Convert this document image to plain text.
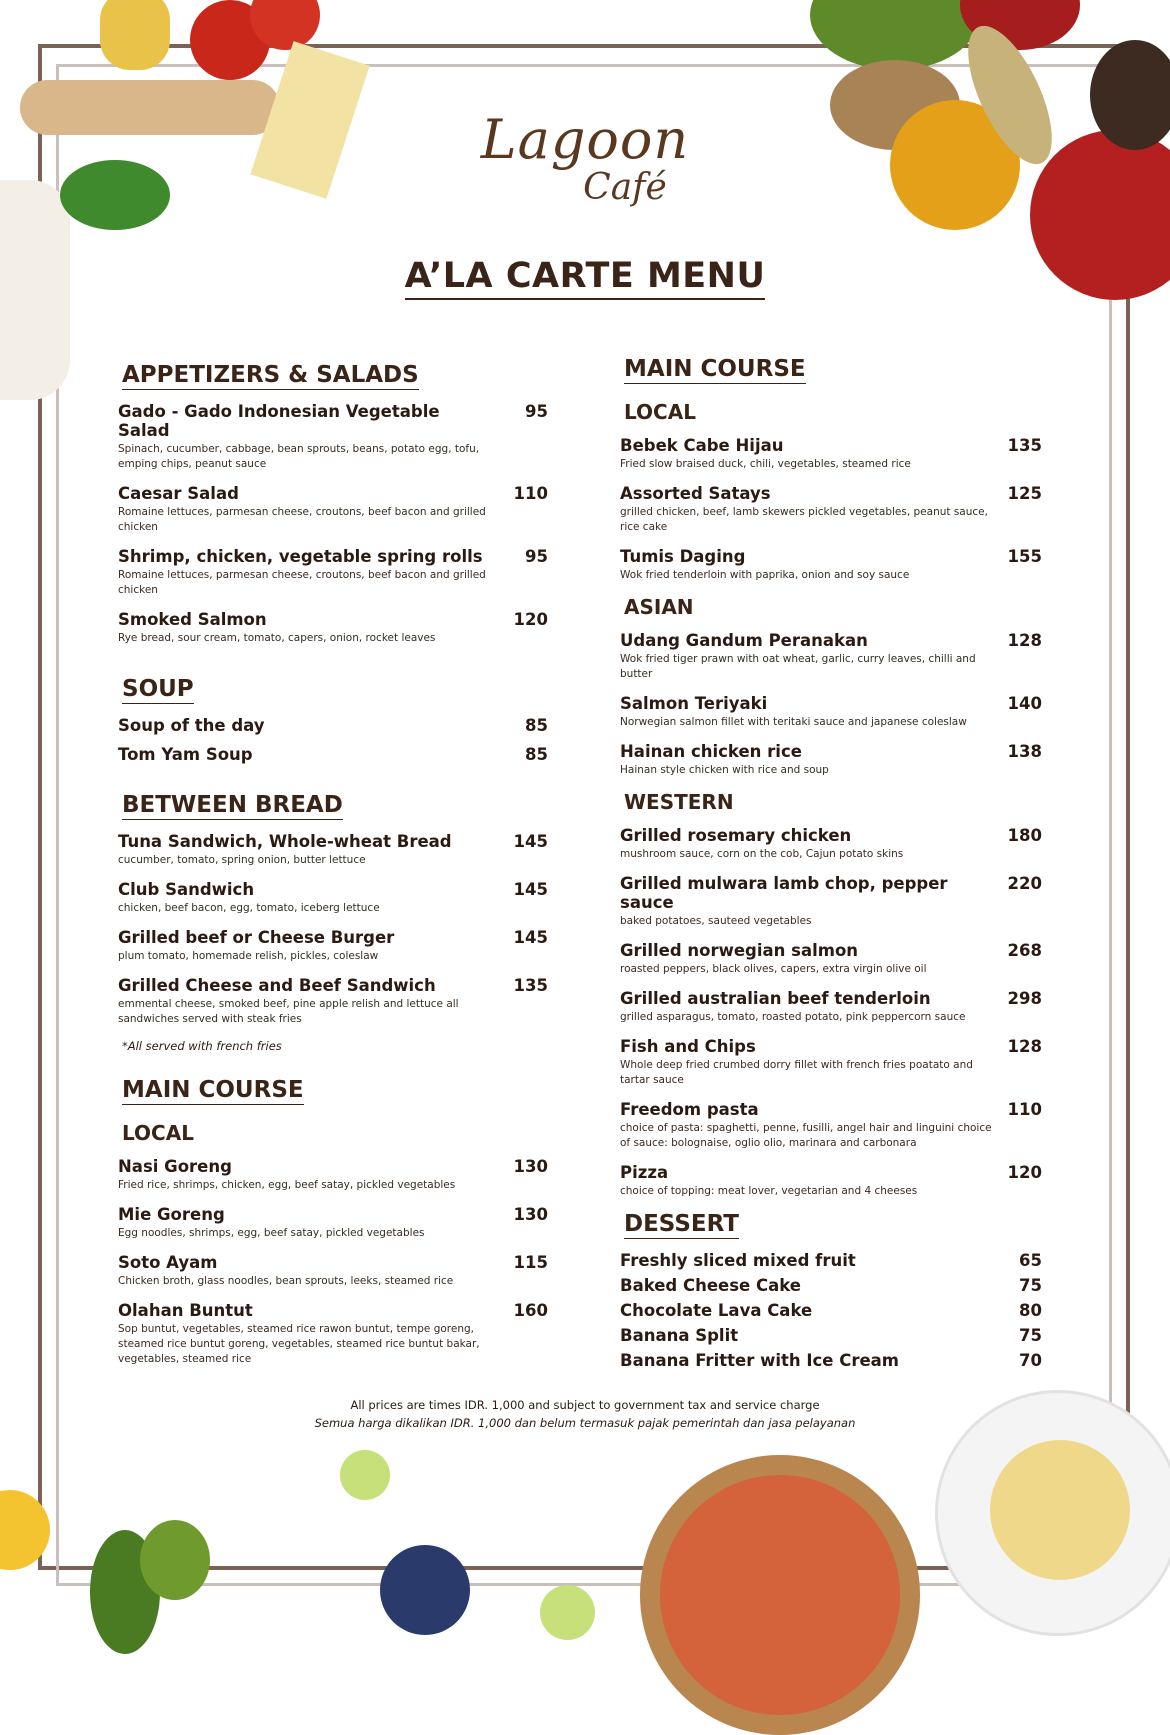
Lagoon
Café
A’LA CARTE MENU
APPETIZERS & SALADS
Gado - Gado Indonesian Vegetable Salad
95
Spinach, cucumber, cabbage, bean sprouts, beans, potato egg, tofu, emping chips, peanut sauce
Caesar Salad	110
Romaine lettuces, parmesan cheese, croutons, beef bacon and grilled chicken
Shrimp, chicken, vegetable spring rolls	95
Romaine lettuces, parmesan cheese, croutons, beef bacon and grilled chicken
Smoked Salmon	120
Rye bread, sour cream, tomato, capers, onion, rocket leaves
SOUP
Soup of the day	85
Tom Yam Soup	85
BETWEEN BREAD
Tuna Sandwich, Whole-wheat Bread	145
cucumber, tomato, spring onion, butter lettuce
Club Sandwich	145
chicken, beef bacon, egg, tomato, iceberg lettuce
Grilled beef or Cheese Burger	145
plum tomato, homemade relish, pickles, coleslaw
Grilled Cheese and Beef Sandwich	135
emmental cheese, smoked beef, pine apple relish and lettuce all sandwiches served with steak fries
*All served with french fries
MAIN COURSE
LOCAL
Nasi Goreng	130
Fried rice, shrimps, chicken, egg, beef satay, pickled vegetables
Mie Goreng	130
Egg noodles, shrimps, egg, beef satay, pickled vegetables
Soto Ayam	115
Chicken broth, glass noodles, bean sprouts, leeks, steamed rice
Olahan Buntut	160
Sop buntut, vegetables, steamed rice rawon buntut, tempe goreng, steamed rice buntut goreng, vegetables, steamed rice buntut bakar, vegetables, steamed rice
MAIN COURSE
LOCAL
Bebek Cabe Hijau	135
Fried slow braised duck, chili, vegetables, steamed rice
Assorted Satays	125
grilled chicken, beef, lamb skewers pickled vegetables, peanut sauce, rice cake
Tumis Daging	155
Wok fried tenderloin with paprika, onion and soy sauce
ASIAN
Udang Gandum Peranakan	128
Wok fried tiger prawn with oat wheat, garlic, curry leaves, chilli and butter
Salmon Teriyaki	140
Norwegian salmon fillet with teritaki sauce and japanese coleslaw
Hainan chicken rice	138
Hainan style chicken with rice and soup
WESTERN
Grilled rosemary chicken	180
mushroom sauce, corn on the cob, Cajun potato skins
Grilled mulwara lamb chop, pepper sauce
220
baked potatoes, sauteed vegetables
Grilled norwegian salmon	268
roasted peppers, black olives, capers, extra virgin olive oil
Grilled australian beef tenderloin	298
grilled asparagus, tomato, roasted potato, pink peppercorn sauce
Fish and Chips	128
Whole deep fried crumbed dorry fillet with french fries poatato and tartar sauce
Freedom pasta	110
choice of pasta: spaghetti, penne, fusilli, angel hair and linguini choice of sauce: bolognaise, oglio olio, marinara and carbonara
Pizza	120
choice of topping: meat lover, vegetarian and 4 cheeses
DESSERT
Freshly sliced mixed fruit	65
Baked Cheese Cake	75
Chocolate Lava Cake	80
Banana Split	75
Banana Fritter with Ice Cream	70
All prices are times IDR. 1,000 and subject to government tax and service charge
Semua harga dikalikan IDR. 1,000 dan belum termasuk pajak pemerintah dan jasa pelayanan
